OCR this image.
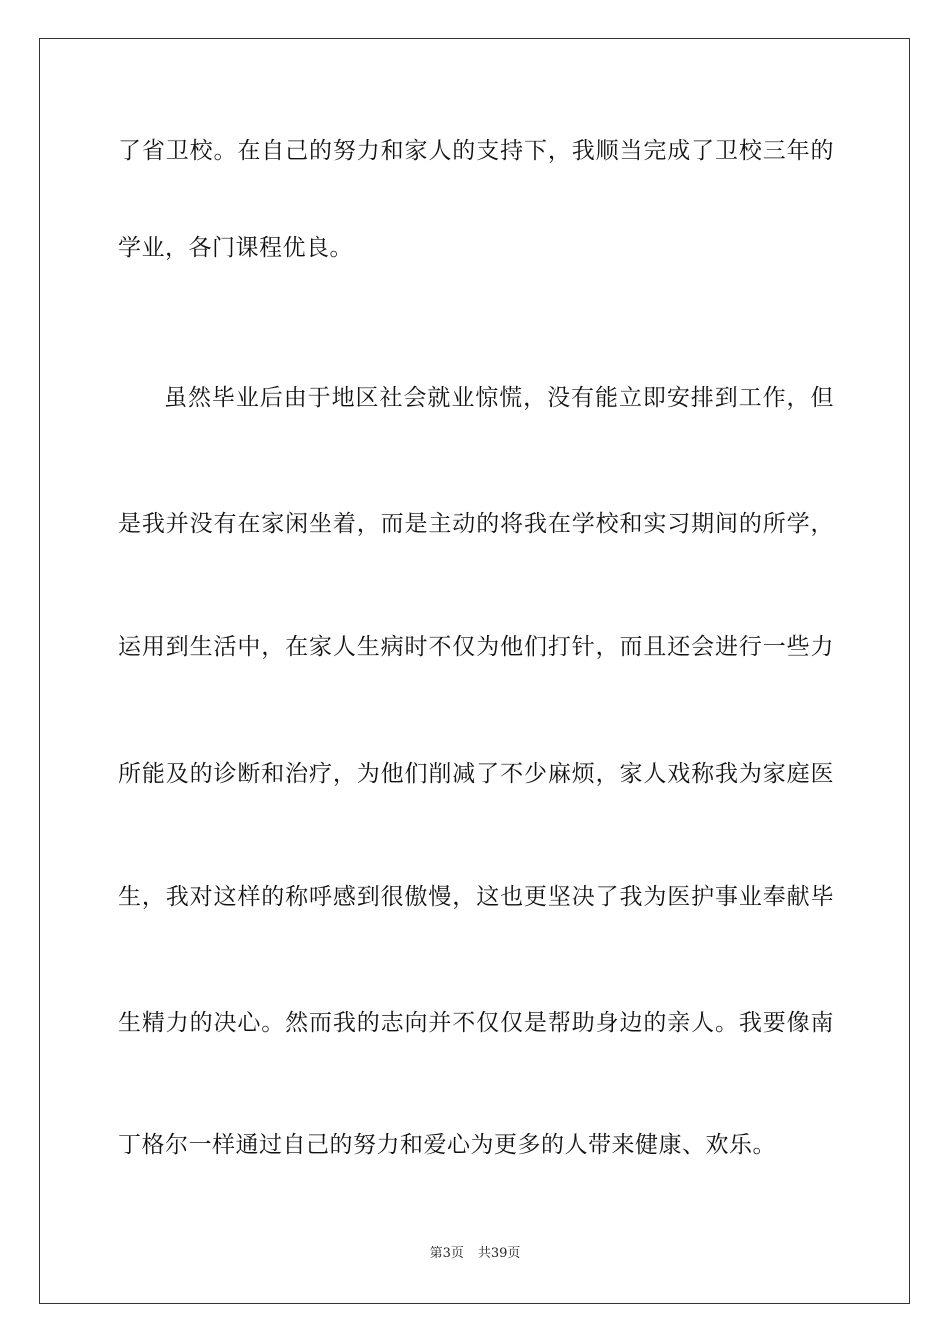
了省卫校。在自己的努力和家人的支持下，我顺当完成了卫校三年的
学业，各门课程优良。
虽然毕业后由于地区社会就业惊慌，没有能立即安排到工作，但
是我并没有在家闲坐着，而是主动的将我在学校和实习期间的所学，
运用到生活中，在家人生病时不仅为他们打针，而且还会进行一些力
所能及的诊断和治疗，为他们削减了不少麻烦，家人戏称我为家庭医
生，我对这样的称呼感到很傲慢，这也更坚决了我为医护事业奉献毕
生精力的决心。然而我的志向并不仅仅是帮助身边的亲人。我要像南
丁格尔一样通过自己的努力和爱心为更多的人带来健康、欢乐。
第3页 共39页
